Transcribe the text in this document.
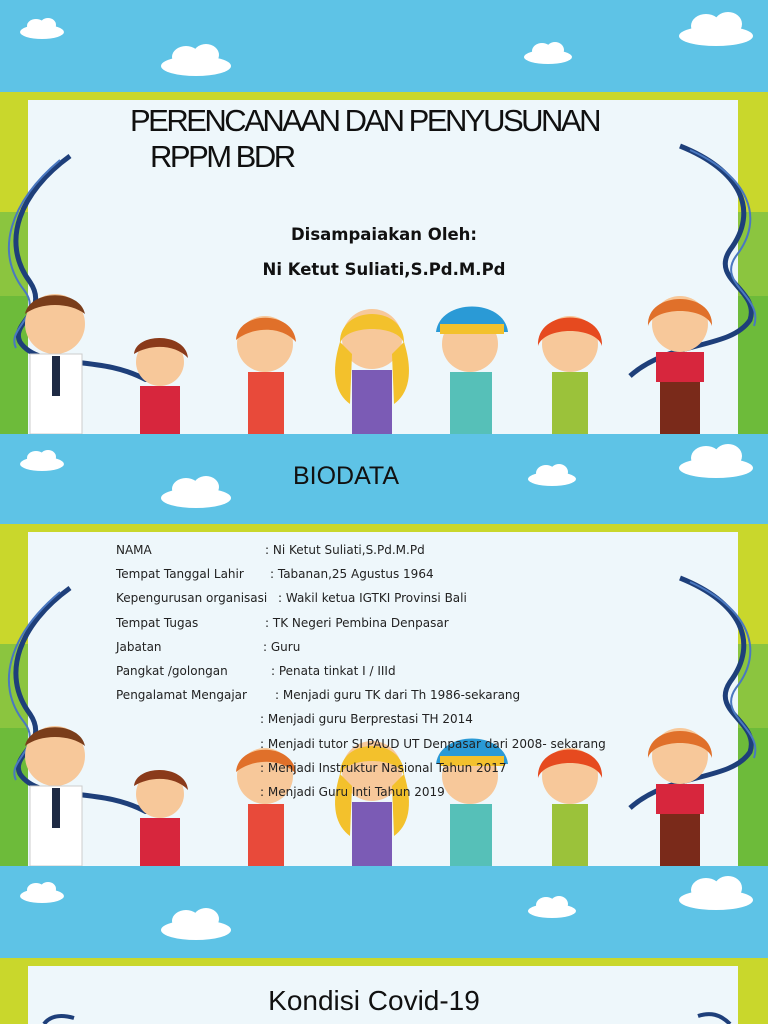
PERENCANAAN DAN PENYUSUNAN
RPPM BDR
Disampaiakan Oleh:
Ni Ketut Suliati,S.Pd.M.Pd
BIODATA
NAMA	: Ni Ketut Suliati,S.Pd.M.Pd
Tempat Tanggal Lahir : Tabanan,25 Agustus 1964
Kepengurusan organisasi : Wakil ketua IGTKI Provinsi Bali
Tempat Tugas	: TK Negeri Pembina Denpasar
Jabatan	: Guru
Pangkat /golongan	: Penata tinkat I / IIId
Pengalamat Mengajar : Menjadi guru TK dari Th 1986-sekarang
: Menjadi guru Berprestasi TH 2014
: Menjadi tutor SI PAUD UT Denpasar dari 2008- sekarang
: Menjadi Instruktur Nasional Tahun 2017
: Menjadi Guru Inti Tahun 2019
Kondisi Covid-19
